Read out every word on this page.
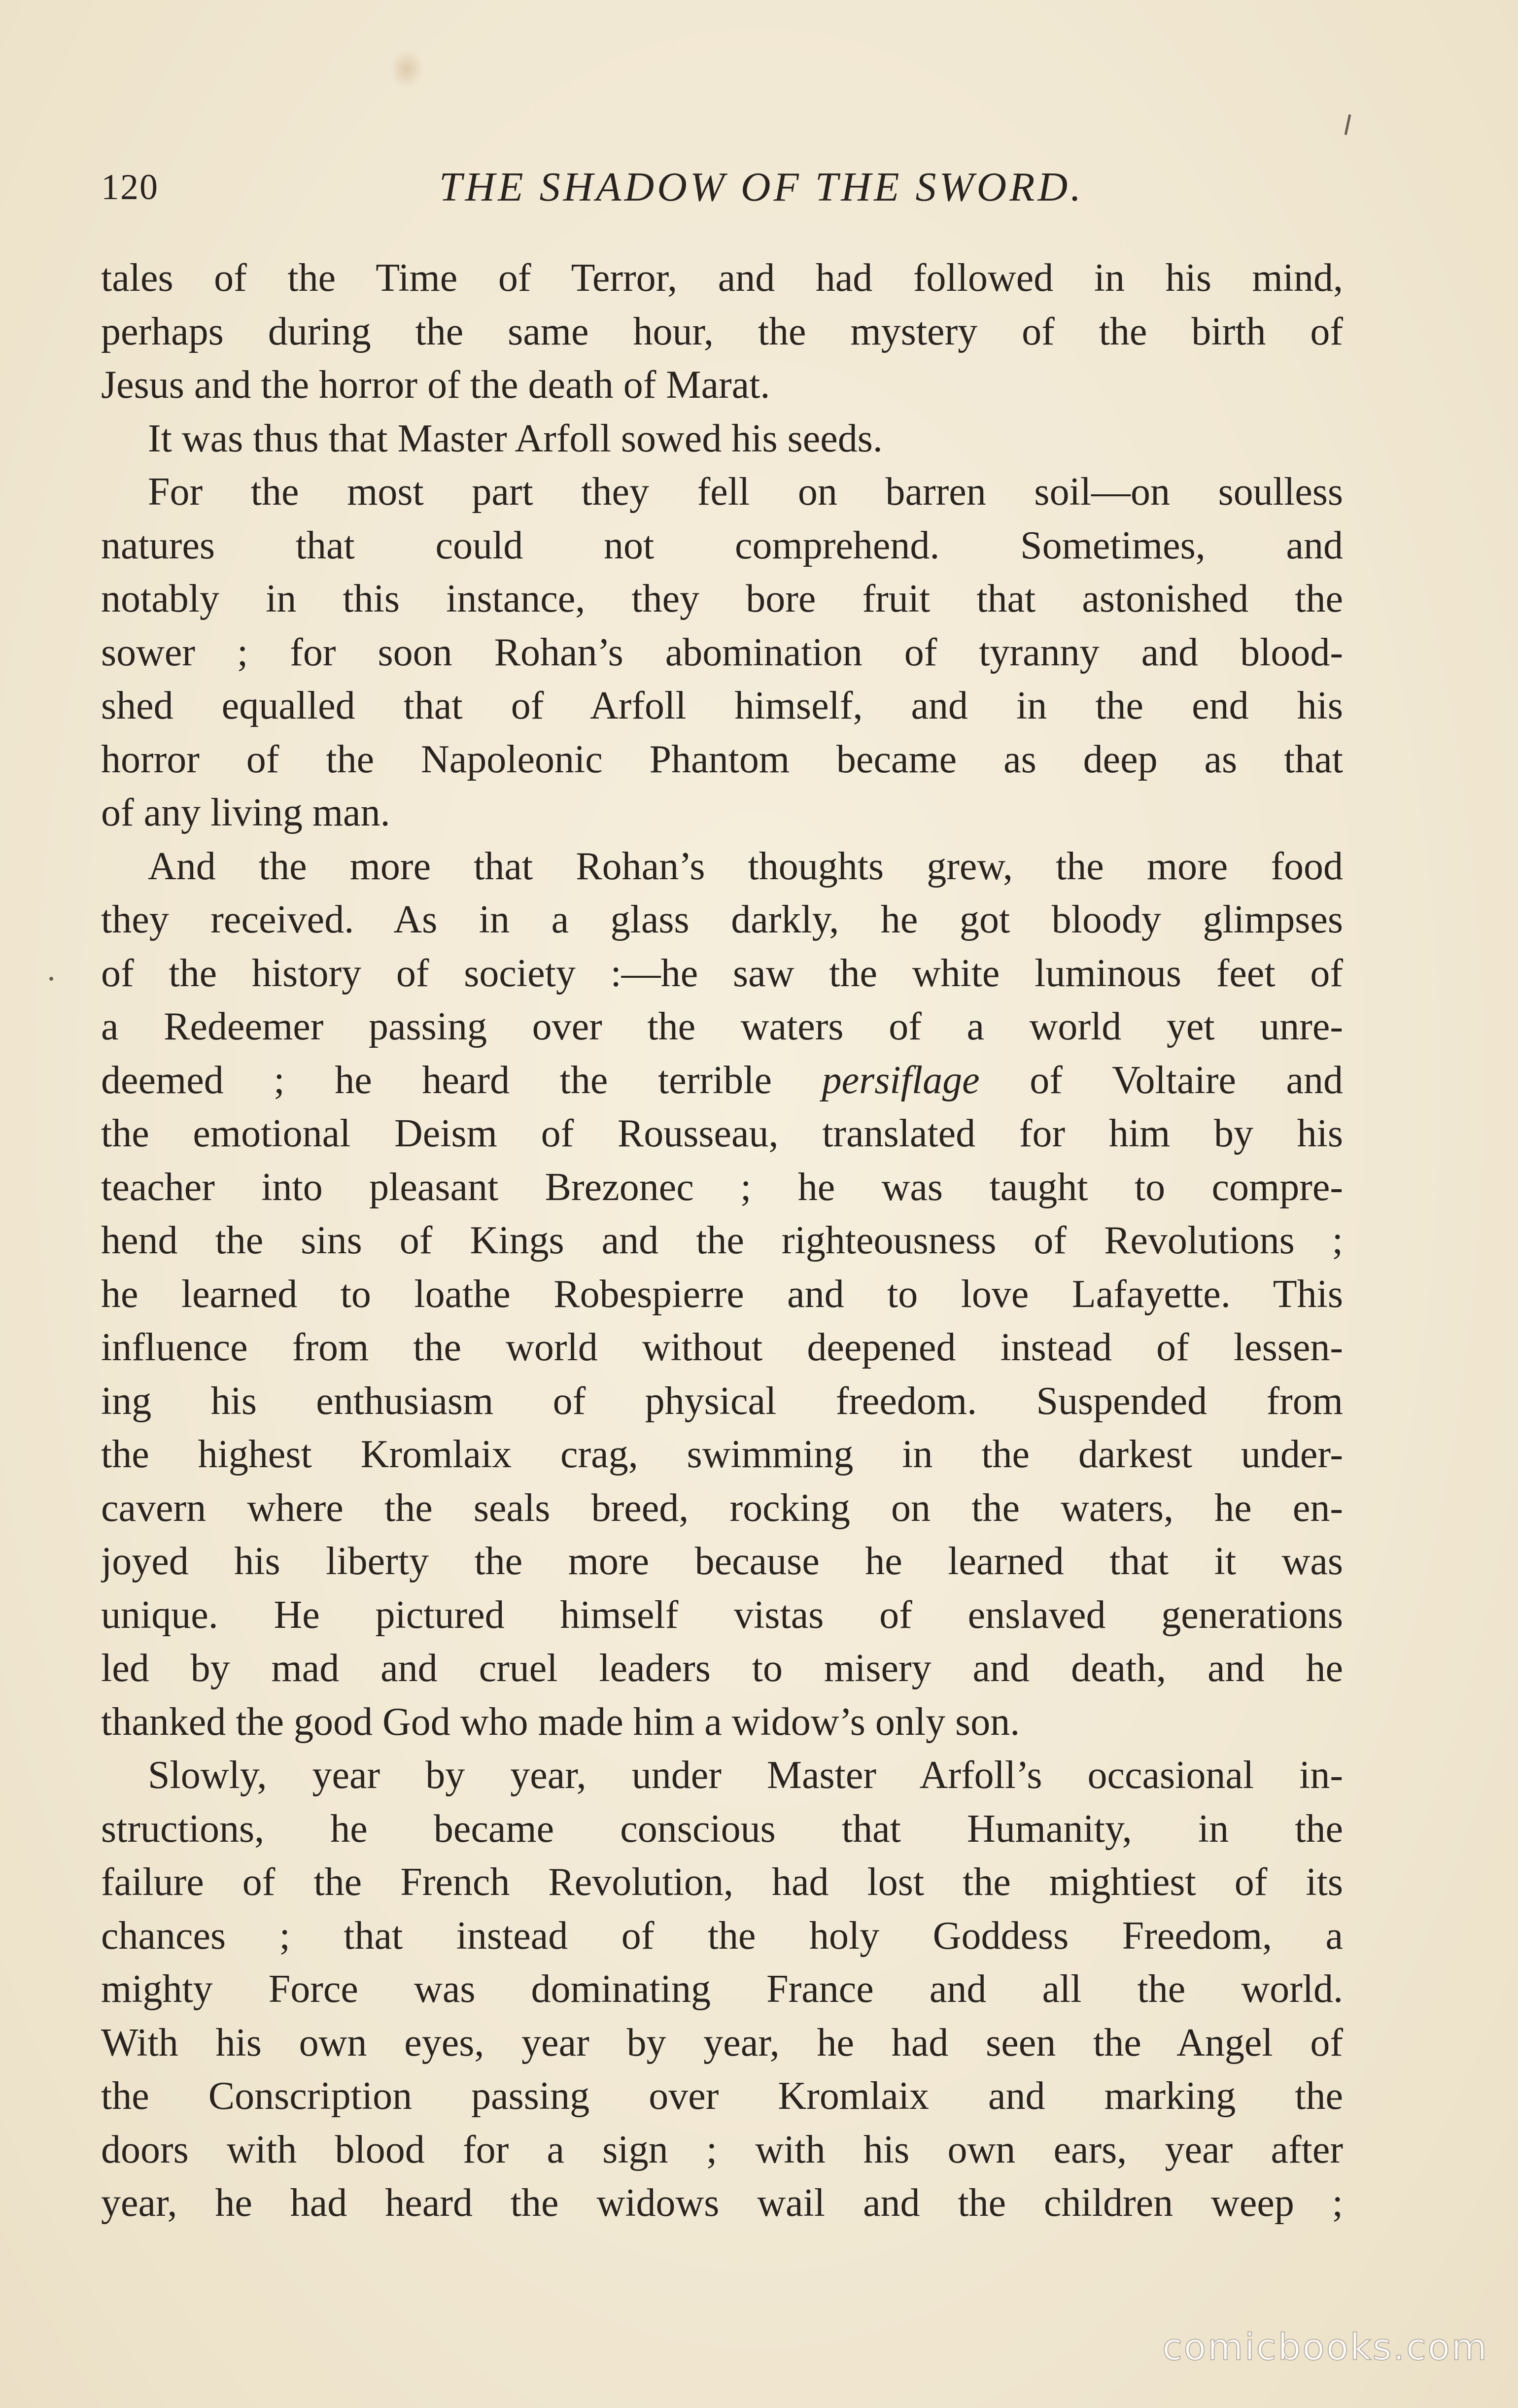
120	THE SHADOW OF THE SWORD.
tales of the Time of Terror, and had followed in his mind,
perhaps during the same hour, the mystery of the birth of
Jesus and the horror of the death of Marat.
It was thus that Master Arfoll sowed his seeds.
For the most part they fell on barren soil—on soulless
natures that could not comprehend. Sometimes, and
notably in this instance, they bore fruit that astonished the
sower ; for soon Rohan’s abomination of tyranny and blood-
shed equalled that of Arfoll himself, and in the end his
horror of the Napoleonic Phantom became as deep as that
of any living man.
And the more that Rohan’s thoughts grew, the more food
they received. As in a glass darkly, he got bloody glimpses
of the history of society :—he saw the white luminous feet of
a Redeemer passing over the waters of a world yet unre-
deemed ; he heard the terrible persiflage of Voltaire and
the emotional Deism of Rousseau, translated for him by his
teacher into pleasant Brezonec ; he was taught to compre-
hend the sins of Kings and the righteousness of Revolutions ;
he learned to loathe Robespierre and to love Lafayette. This
influence from the world without deepened instead of lessen-
ing his enthusiasm of physical freedom. Suspended from
the highest Kromlaix crag, swimming in the darkest under-
cavern where the seals breed, rocking on the waters, he en-
joyed his liberty the more because he learned that it was
unique. He pictured himself vistas of enslaved generations
led by mad and cruel leaders to misery and death, and he
thanked the good God who made him a widow’s only son.
Slowly, year by year, under Master Arfoll’s occasional in-
structions, he became conscious that Humanity, in the
failure of the French Revolution, had lost the mightiest of its
chances ; that instead of the holy Goddess Freedom, a
mighty Force was dominating France and all the world.
With his own eyes, year by year, he had seen the Angel of
the Conscription passing over Kromlaix and marking the
doors with blood for a sign ; with his own ears, year after
year, he had heard the widows wail and the children weep ;
comicbooks.com
